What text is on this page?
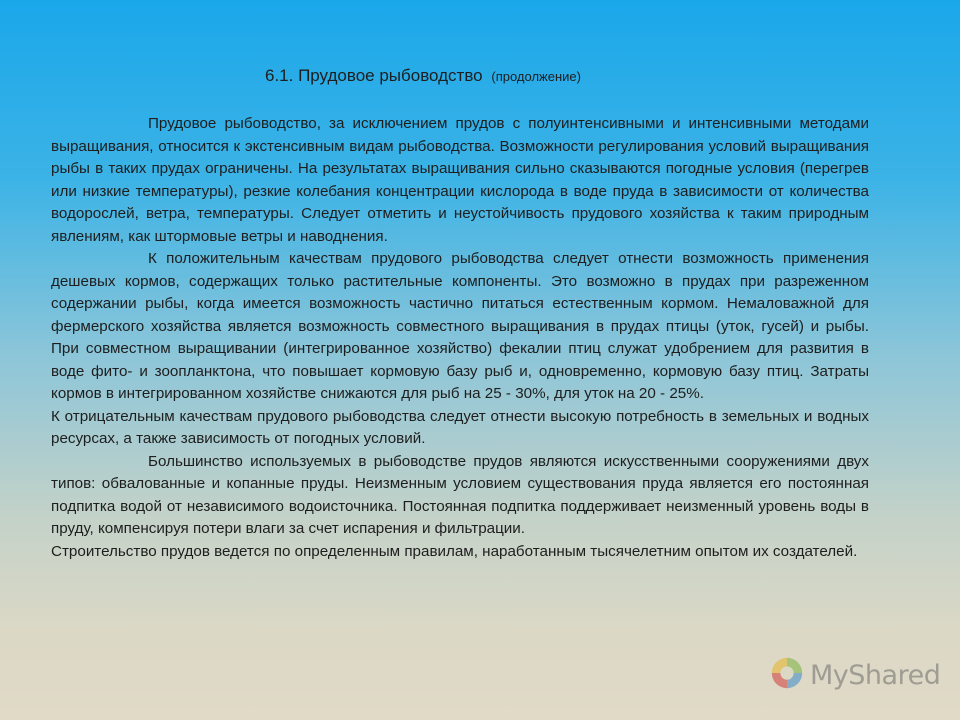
6.1. Прудовое рыбоводство (продолжение)

Прудовое рыбоводство, за исключением прудов с полуинтенсивными и интенсивными методами выращивания, относится к экстенсивным видам рыбоводства. Возможности регулирования условий выращивания рыбы в таких прудах ограничены. На результатах выращивания сильно сказываются погодные условия (перегрев или низкие температуры), резкие колебания концентрации кислорода в воде пруда в зависимости от количества водорослей, ветра, температуры. Следует отметить и неустойчивость прудового хозяйства к таким природным явлениям, как штормовые ветры и наводнения.

К положительным качествам прудового рыбоводства следует отнести возможность применения дешевых кормов, содержащих только растительные компоненты. Это возможно в прудах при разреженном содержании рыбы, когда имеется возможность частично питаться естественным кормом. Немаловажной для фермерского хозяйства является возможность совместного выращивания в прудах птицы (уток, гусей) и рыбы. При совместном выращивании (интегрированное хозяйство) фекалии птиц служат удобрением для развития в воде фито- и зоопланктона, что повышает кормовую базу рыб и, одновременно, кормовую базу птиц. Затраты кормов в интегрированном хозяйстве снижаются для рыб на 25 - 30%, для уток на 20 - 25%.

К отрицательным качествам прудового рыбоводства следует отнести высокую потребность в земельных и водных ресурсах, а также зависимость от погодных условий.

Большинство используемых в рыбоводстве прудов являются искусственными сооружениями двух типов: обвалованные и копанные пруды. Неизменным условием существования пруда является его постоянная подпитка водой от независимого водоисточника. Постоянная подпитка поддерживает неизменный уровень воды в пруду, компенсируя потери влаги за счет испарения и фильтрации.

Строительство прудов ведется по определенным правилам, наработанным тысячелетним опытом их создателей.

MyShared
